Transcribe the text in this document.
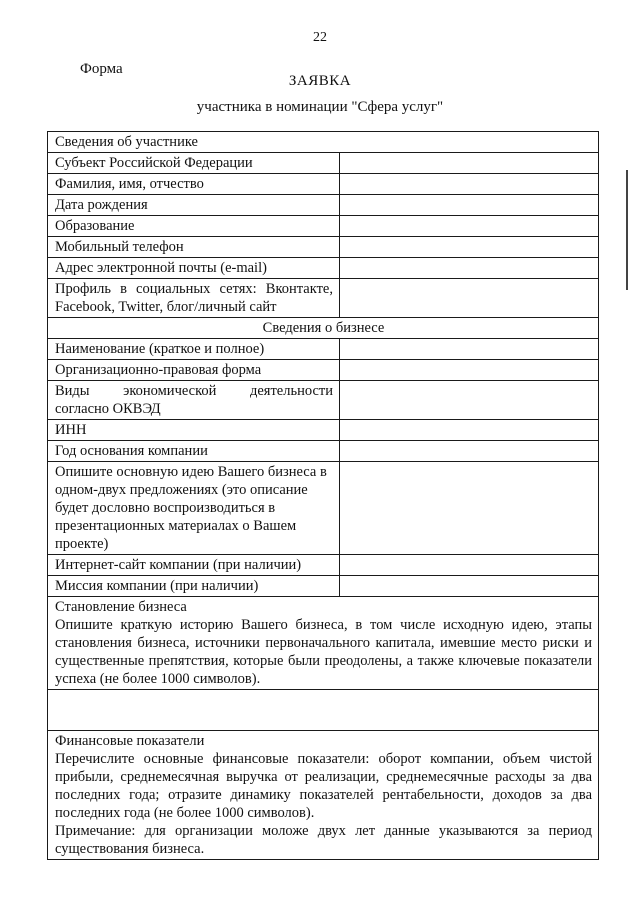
22
Форма
ЗАЯВКА
участника в номинации "Сфера услуг"
Сведения об участнике	
Субъект Российской Федерации	
Фамилия, имя, отчество	
Дата рождения	
Образование	
Мобильный телефон	
Адрес электронной почты (e-mail)	

Профиль в социальных сетях: Вконтакте,
Facebook, Twitter, блог/личный сайт	

Сведения о бизнесе	
Наименование (краткое и полное)	
Организационно-правовая форма	

Виды экономической деятельности
согласно ОКВЭД	

ИНН	
Год основания компании	
Опишите основную идею Вашего бизнеса в одном-двух предложениях (это описание будет дословно воспроизводиться в презентационных материалах о Вашем проекте)	
Интернет-сайт компании (при наличии)	
Миссия компании (при наличии)	

Становление бизнеса
Опишите краткую историю Вашего бизнеса, в том числе исходную идею, этапы становления бизнеса, источники первоначального капитала, имевшие место риски и существенные препятствия, которые были преодолены, а также ключевые показатели успеха (не более 1000 символов).	

Финансовые показатели
Перечислите основные финансовые показатели: оборот компании, объем чистой прибыли, среднемесячная выручка от реализации, среднемесячные расходы за два последних года; отразите динамику показателей рентабельности, доходов за два последних года (не более 1000 символов).
Примечание: для организации моложе двух лет данные указываются за период существования бизнеса.	
